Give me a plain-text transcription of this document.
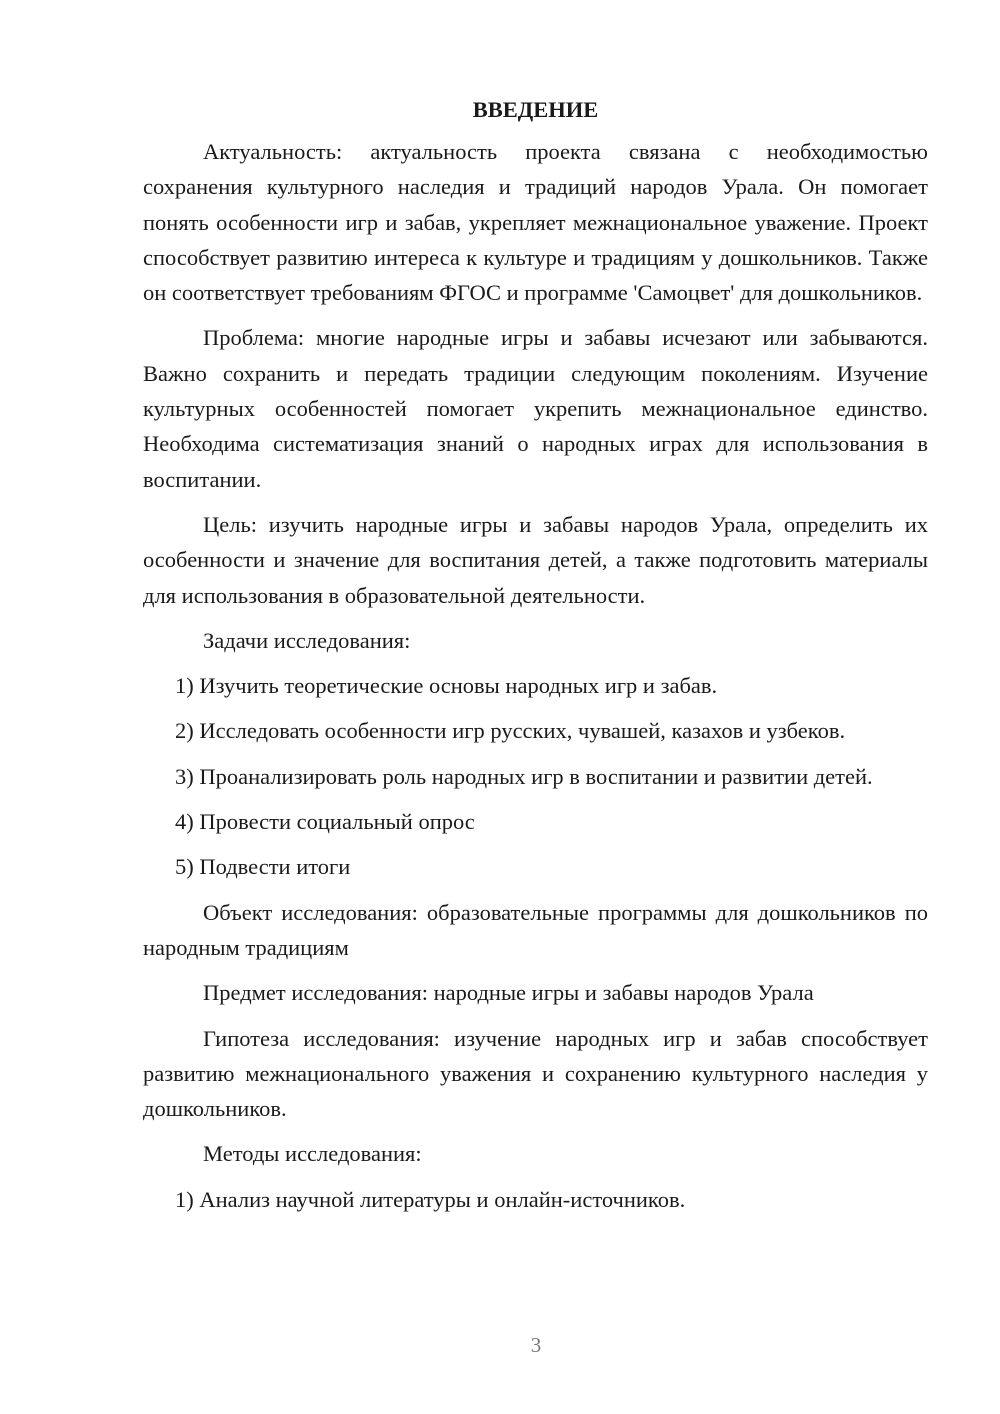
ВВЕДЕНИЕ

Актуальность: актуальность проекта связана с необходимостью сохранения культурного наследия и традиций народов Урала. Он помогает понять особенности игр и забав, укрепляет межнациональное уважение. Проект способствует развитию интереса к культуре и традициям у дошкольников. Также он соответствует требованиям ФГОС и программе 'Самоцвет' для дошкольников.

Проблема: многие народные игры и забавы исчезают или забываются. Важно сохранить и передать традиции следующим поколениям. Изучение культурных особенностей помогает укрепить межнациональное единство. Необходима систематизация знаний о народных играх для использования в воспитании.

Цель: изучить народные игры и забавы народов Урала, определить их особенности и значение для воспитания детей, а также подготовить материалы для использования в образовательной деятельности.

Задачи исследования:

1) Изучить теоретические основы народных игр и забав.

2) Исследовать особенности игр русских, чувашей, казахов и узбеков.

3) Проанализировать роль народных игр в воспитании и развитии детей.

4) Провести социальный опрос

5) Подвести итоги

Объект исследования: образовательные программы для дошкольников по народным традициям

Предмет исследования: народные игры и забавы народов Урала

Гипотеза исследования: изучение народных игр и забав способствует развитию межнационального уважения и сохранению культурного наследия у дошкольников.

Методы исследования:

1) Анализ научной литературы и онлайн-источников.

3
